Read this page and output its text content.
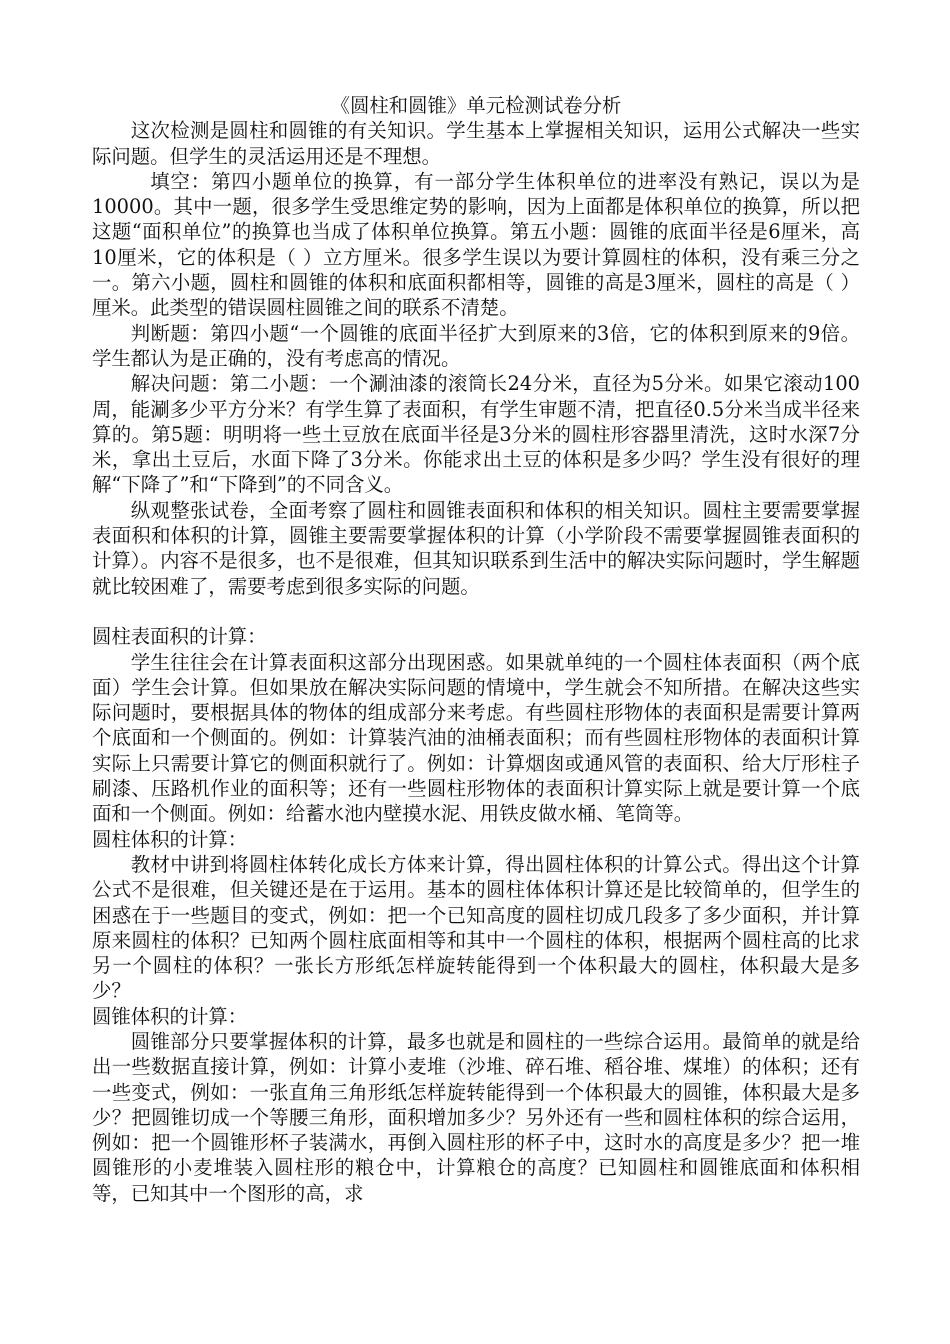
《圆柱和圆锥》单元检测试卷分析

这次检测是圆柱和圆锥的有关知识。学生基本上掌握相关知识，运用公式解决一些实际问题。但学生的灵活运用还是不理想。

填空：第四小题单位的换算，有一部分学生体积单位的进率没有熟记，误以为是10000。其中一题，很多学生受思维定势的影响，因为上面都是体积单位的换算，所以把这题“面积单位”的换算也当成了体积单位换算。第五小题：圆锥的底面半径是6厘米，高10厘米，它的体积是（ ）立方厘米。很多学生误以为要计算圆柱的体积，没有乘三分之一。第六小题，圆柱和圆锥的体积和底面积都相等，圆锥的高是3厘米，圆柱的高是（ ）厘米。此类型的错误圆柱圆锥之间的联系不清楚。

判断题：第四小题“一个圆锥的底面半径扩大到原来的3倍，它的体积到原来的9倍。学生都认为是正确的，没有考虑高的情况。

解决问题：第二小题：一个涮油漆的滚筒长24分米，直径为5分米。如果它滚动100周，能涮多少平方分米？有学生算了表面积，有学生审题不清，把直径0.5分米当成半径来算的。第5题：明明将一些土豆放在底面半径是3分米的圆柱形容器里清洗，这时水深7分米，拿出土豆后，水面下降了3分米。你能求出土豆的体积是多少吗？学生没有很好的理解“下降了”和“下降到”的不同含义。

纵观整张试卷，全面考察了圆柱和圆锥表面积和体积的相关知识。圆柱主要需要掌握表面积和体积的计算，圆锥主要需要掌握体积的计算（小学阶段不需要掌握圆锥表面积的计算）。内容不是很多，也不是很难，但其知识联系到生活中的解决实际问题时，学生解题就比较困难了，需要考虑到很多实际的问题。

圆柱表面积的计算：

学生往往会在计算表面积这部分出现困惑。如果就单纯的一个圆柱体表面积（两个底面）学生会计算。但如果放在解决实际问题的情境中，学生就会不知所措。在解决这些实际问题时，要根据具体的物体的组成部分来考虑。有些圆柱形物体的表面积是需要计算两个底面和一个侧面的。例如：计算装汽油的油桶表面积；而有些圆柱形物体的表面积计算实际上只需要计算它的侧面积就行了。例如：计算烟囱或通风管的表面积、给大厅形柱子刷漆、压路机作业的面积等；还有一些圆柱形物体的表面积计算实际上就是要计算一个底面和一个侧面。例如：给蓄水池内壁摸水泥、用铁皮做水桶、笔筒等。

圆柱体积的计算：

教材中讲到将圆柱体转化成长方体来计算，得出圆柱体积的计算公式。得出这个计算公式不是很难，但关键还是在于运用。基本的圆柱体体积计算还是比较简单的，但学生的困惑在于一些题目的变式，例如：把一个已知高度的圆柱切成几段多了多少面积，并计算原来圆柱的体积？已知两个圆柱底面相等和其中一个圆柱的体积，根据两个圆柱高的比求另一个圆柱的体积？一张长方形纸怎样旋转能得到一个体积最大的圆柱，体积最大是多少？

圆锥体积的计算：

圆锥部分只要掌握体积的计算，最多也就是和圆柱的一些综合运用。最简单的就是给出一些数据直接计算，例如：计算小麦堆（沙堆、碎石堆、稻谷堆、煤堆）的体积；还有一些变式，例如：一张直角三角形纸怎样旋转能得到一个体积最大的圆锥，体积最大是多少？把圆锥切成一个等腰三角形，面积增加多少？另外还有一些和圆柱体积的综合运用，例如：把一个圆锥形杯子装满水，再倒入圆柱形的杯子中，这时水的高度是多少？把一堆圆锥形的小麦堆装入圆柱形的粮仓中，计算粮仓的高度？已知圆柱和圆锥底面和体积相等，已知其中一个图形的高，求
